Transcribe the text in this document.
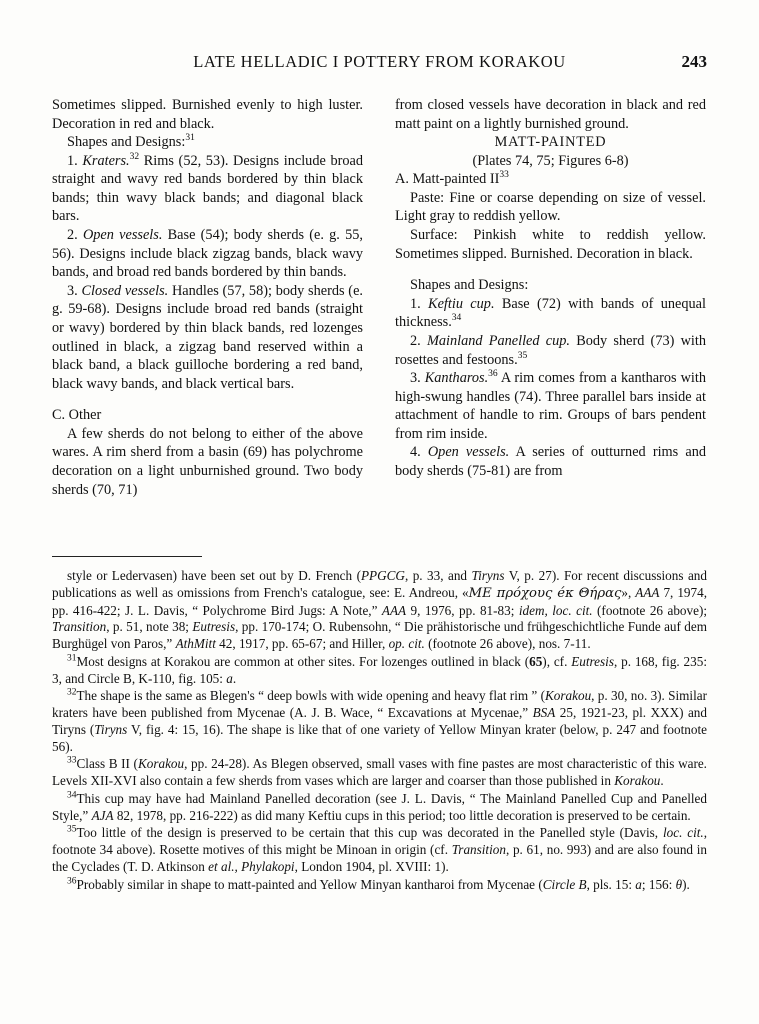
LATE HELLADIC I POTTERY FROM KORAKOU	243

Sometimes slipped. Burnished evenly to high luster. Decoration in red and black.

Shapes and Designs:$^{31}$

1. Kraters.$^{32}$ Rims (52, 53). Designs include broad straight and wavy red bands bordered by thin black bands; thin wavy black bands; and diagonal black bars.

2. Open vessels. Base (54); body sherds (e. g. 55, 56). Designs include black zigzag bands, black wavy bands, and broad red bands bordered by thin bands.

3. Closed vessels. Handles (57, 58); body sherds (e. g. 59-68). Designs include broad red bands (straight or wavy) bordered by thin black bands, red lozenges outlined in black, a zigzag band reserved within a black band, a black guilloche bordering a red band, black wavy bands, and black vertical bars.

C. Other

A few sherds do not belong to either of the above wares. A rim sherd from a basin (69) has polychrome decoration on a light unburnished ground. Two body sherds (70, 71)

from closed vessels have decoration in black and red matt paint on a lightly burnished ground.

MATT-PAINTED

(Plates 74, 75; Figures 6-8)

A. Matt-painted II$^{33}$

Paste: Fine or coarse depending on size of vessel. Light gray to reddish yellow.

Surface: Pinkish white to reddish yellow. Sometimes slipped. Burnished. Decoration in black.

Shapes and Designs:

1. Keftiu cup. Base (72) with bands of unequal thickness.$^{34}$

2. Mainland Panelled cup. Body sherd (73) with rosettes and festoons.$^{35}$

3. Kantharos.$^{36}$ A rim comes from a kantharos with high-swung handles (74). Three parallel bars inside at attachment of handle to rim. Groups of bars pendent from rim inside.

4. Open vessels. A series of outturned rims and body sherds (75-81) are from

style or Ledervasen) have been set out by D. French (PPGCG, p. 33, and Tiryns V, p. 27). For recent discussions and publications as well as omissions from French's catalogue, see: E. Andreou, «ME πρóχους éκ Θήρας», AAA 7, 1974, pp. 416-422; J. L. Davis, “ Polychrome Bird Jugs: A Note,” AAA 9, 1976, pp. 81-83; idem, loc. cit. (footnote 26 above); Transition, p. 51, note 38; Eutresis, pp. 170-174; O. Rubensohn, “ Die prähistorische und frühgeschichtliche Funde auf dem Burghügel von Paros,” AthMitt 42, 1917, pp. 65-67; and Hiller, op. cit. (footnote 26 above), nos. 7-11.

$^{31}$Most designs at Korakou are common at other sites. For lozenges outlined in black (65), cf. Eutresis, p. 168, fig. 235: 3, and Circle B, K-110, fig. 105: a.

$^{32}$The shape is the same as Blegen's “ deep bowls with wide opening and heavy flat rim ” (Korakou, p. 30, no. 3). Similar kraters have been published from Mycenae (A. J. B. Wace, “ Excavations at Mycenae,” BSA 25, 1921-23, pl. XXX) and Tiryns (Tiryns V, fig. 4: 15, 16). The shape is like that of one variety of Yellow Minyan krater (below, p. 247 and footnote 56).

$^{33}$Class B II (Korakou, pp. 24-28). As Blegen observed, small vases with fine pastes are most characteristic of this ware. Levels XII-XVI also contain a few sherds from vases which are larger and coarser than those published in Korakou.

$^{34}$This cup may have had Mainland Panelled decoration (see J. L. Davis, “ The Mainland Panelled Cup and Panelled Style,” AJA 82, 1978, pp. 216-222) as did many Keftiu cups in this period; too little decoration is preserved to be certain.

$^{35}$Too little of the design is preserved to be certain that this cup was decorated in the Panelled style (Davis, loc. cit., footnote 34 above). Rosette motives of this might be Minoan in origin (cf. Transition, p. 61, no. 993) and are also found in the Cyclades (T. D. Atkinson et al., Phylakopi, London 1904, pl. XVIII: 1).

$^{36}$Probably similar in shape to matt-painted and Yellow Minyan kantharoi from Mycenae (Circle B, pls. 15: a; 156: θ).
